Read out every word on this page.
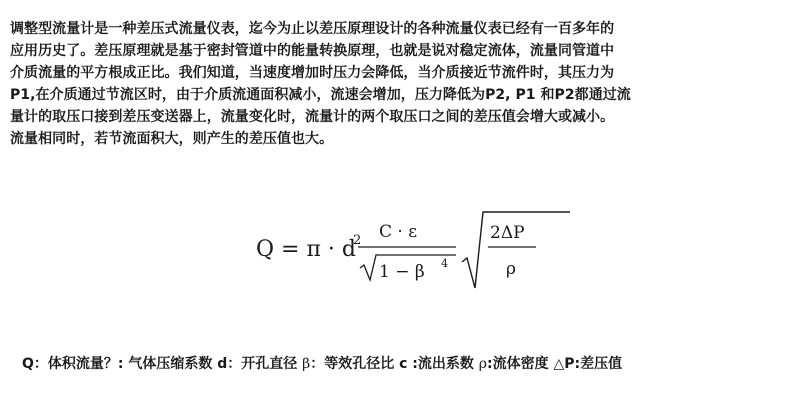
调整型流量计是一种差压式流量仪表，迄今为止以差压原理设计的各种流量仪表已经有一百多年的
应用历史了。差压原理就是基于密封管道中的能量转换原理，也就是说对稳定流体，流量同管道中
介质流量的平方根成正比。我们知道，当速度增加时压力会降低，当介质接近节流件时，其压力为
P1,在介质通过节流区时，由于介质流通面积减小，流速会增加，压力降低为P2, P1 和P2都通过流
量计的取压口接到差压变送器上，流量变化时，流量计的两个取压口之间的差压值会增大或减小。
流量相同时，若节流面积大，则产生的差压值也大。
Q = π · d
2 C · ε
1 − β 4
2ΔP
ρ
Q：体积流量？: 气体压缩系数 d：开孔直径 β：等效孔径比 c :流出系数 ρ:流体密度 △P:差压值
